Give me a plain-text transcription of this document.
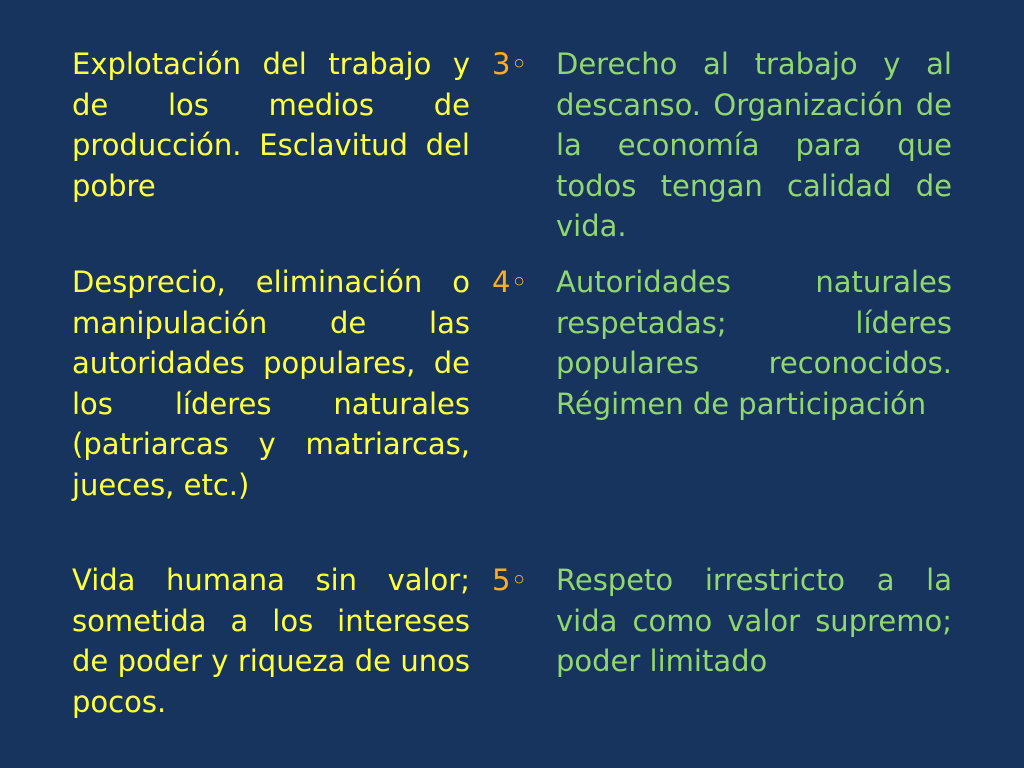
Explotación del trabajo y de los medios de producción. Esclavitud del pobre
3◦ Derecho al trabajo y al descanso. Organización de la economía para que todos tengan calidad de vida.
Desprecio, eliminación o manipulación de las autoridades populares, de los líderes naturales (patriarcas y matriarcas, jueces, etc.)
4◦ Autoridades naturales respetadas; líderes populares reconocidos. Régimen de participación
Vida humana sin valor; sometida a los intereses de poder y riqueza de unos pocos.
5◦ Respeto irrestricto a la vida como valor supremo; poder limitado
